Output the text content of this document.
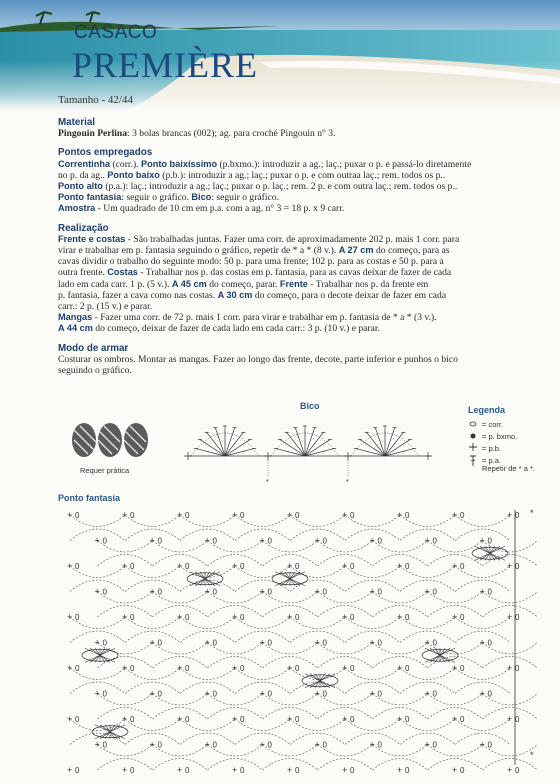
CASACO
PREMIÈRE
Tamanho - 42/44
Material

Pingouin Perlina: 3 bolas brancas (002); ag. para croché Pingouin n° 3.

Pontos empregados

Correntinha (corr.). Ponto baixíssimo (p.bxmo.): introduzir a ag.; laç.; puxar o p. e passá-lo diretamente
no p. da ag.. Ponto baixo (p.b.): introduzir a ag.; laç.; puxar o p. e com outraa laç.; rem. todos os p..
Ponto alto (p.a.): laç.; introduzir a ag.; laç.; puxar o p. laç.; rem. 2 p. e com outra laç.; rem. todos os p..
Ponto fantasia: seguir o gráfico. Bico: seguir o gráfico.
Amostra - Um quadrado de 10 cm em p.a. com a ag. n° 3 = 18 p. x 9 carr.

Realização

Frente e costas - São trabalhadas juntas. Fazer uma corr. de aproximadamente 202 p. mais 1 corr. para
virar e trabalhar em p. fantasia seguindo o gráfico, repetir de * a * (8 v.). A 27 cm do começo, para as
cavas dividir o trabalho do seguinte modo: 50 p. para uma frente; 102 p. para as costas e 50 p. para a
outra frente. Costas - Trabalhar nos p. das costas em p. fantasia, para as cavas deixar de fazer de cada
lado em cada carr. 1 p. (5 v.). A 45 cm do começo, parar. Frente - Trabalhar nos p. da frente em
p. fantasia, fazer a cava como nas costas. A 30 cm do começo, para o decote deixar de fazer em cada
carr.: 2 p. (15 v.) e parar.
Mangas - Fazer uma corr. de 72 p. mais 1 corr. para virar e trabalhar em p. fantasia de * a * (3 v.).
A 44 cm do começo, deixar de fazer de cada lado em cada carr.: 3 p. (10 v.) e parar.

Modo de armar

Costurar os ombros. Montar as mangas. Fazer ao longo das frente, decote, parte inferior e punhos o bico
seguindo o gráfico.

Requer prática
Bico
*	*
Legenda
= corr.
= p. bxmo.
= p.b.
= p.a.
Repetir de * a *.
Ponto fantasia
+ 0	+ 0	+ 0	+ 0	+ 0	+ 0	+ 0	+ 0	+ 0
+ 0	+ 0	+ 0	+ 0	+ 0	+ 0	+ 0	+ 0
+ 0	+ 0	+ 0	+ 0	+ 0	+ 0	+ 0	+ 0	+ 0
+ 0	+ 0	+ 0	+ 0	+ 0	+ 0	+ 0	+ 0
+ 0	+ 0	+ 0	+ 0	+ 0	+ 0	+ 0	+ 0	+ 0
+ 0	+ 0	+ 0	+ 0	+ 0	+ 0	+ 0	+ 0
+ 0	+ 0	+ 0	+ 0	+ 0	+ 0	+ 0	+ 0	+ 0
+ 0	+ 0	+ 0	+ 0	+ 0	+ 0	+ 0	+ 0
+ 0	+ 0	+ 0	+ 0	+ 0	+ 0	+ 0	+ 0	+ 0
+ 0	+ 0	+ 0	+ 0	+ 0	+ 0	+ 0	+ 0
+ 0	+ 0	+ 0	+ 0	+ 0	+ 0	+ 0	+ 0	+ 0
*
*
